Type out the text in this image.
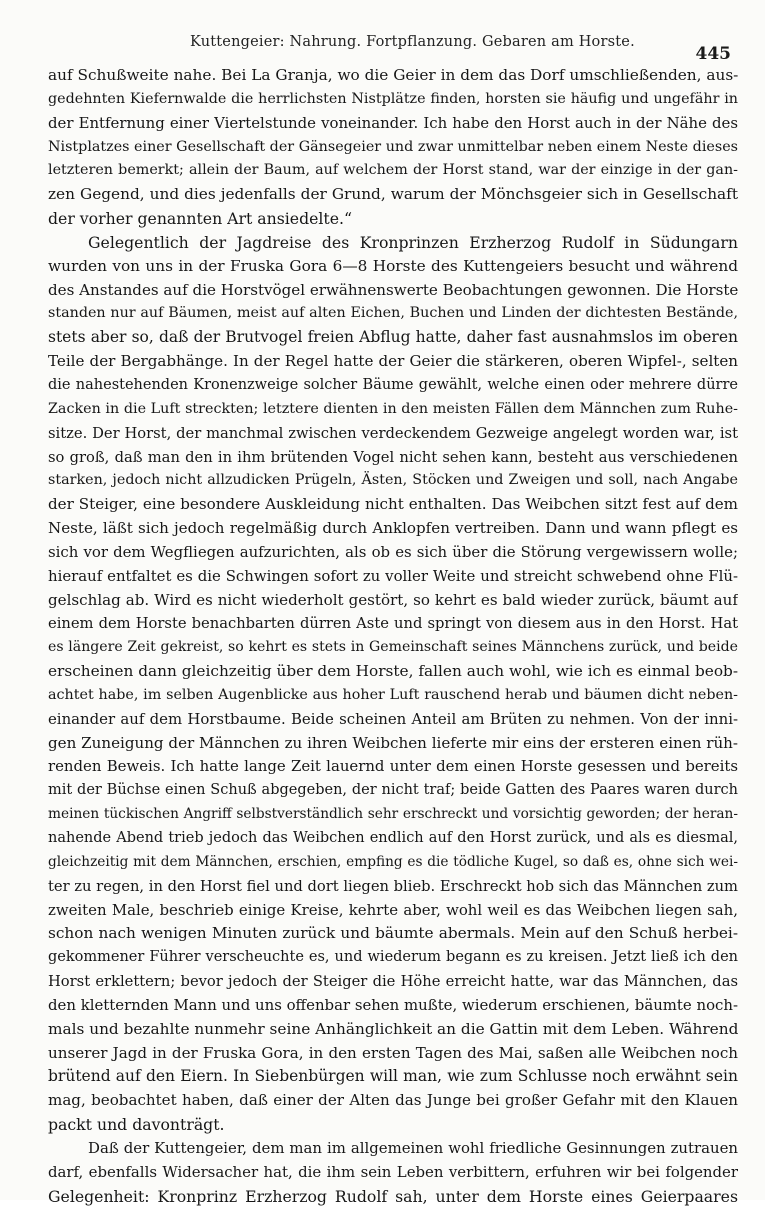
Kuttengeier: Nahrung. Fortpflanzung. Gebaren am Horste.
445
auf Schußweite nahe. Bei La Granja, wo die Geier in dem das Dorf umschließenden, aus-
gedehnten Kiefernwalde die herrlichsten Nistplätze finden, horsten sie häufig und ungefähr in
der Entfernung einer Viertelstunde voneinander. Ich habe den Horst auch in der Nähe des
Nistplatzes einer Gesellschaft der Gänsegeier und zwar unmittelbar neben einem Neste dieses
letzteren bemerkt; allein der Baum, auf welchem der Horst stand, war der einzige in der gan-
zen Gegend, und dies jedenfalls der Grund, warum der Mönchsgeier sich in Gesellschaft
der vorher genannten Art ansiedelte.“
Gelegentlich der Jagdreise des Kronprinzen Erzherzog Rudolf in Südungarn
wurden von uns in der Fruska Gora 6—8 Horste des Kuttengeiers besucht und während
des Anstandes auf die Horstvögel erwähnenswerte Beobachtungen gewonnen. Die Horste
standen nur auf Bäumen, meist auf alten Eichen, Buchen und Linden der dichtesten Bestände,
stets aber so, daß der Brutvogel freien Abflug hatte, daher fast ausnahmslos im oberen
Teile der Bergabhänge. In der Regel hatte der Geier die stärkeren, oberen Wipfel-, selten
die nahestehenden Kronenzweige solcher Bäume gewählt, welche einen oder mehrere dürre
Zacken in die Luft streckten; letztere dienten in den meisten Fällen dem Männchen zum Ruhe-
sitze. Der Horst, der manchmal zwischen verdeckendem Gezweige angelegt worden war, ist
so groß, daß man den in ihm brütenden Vogel nicht sehen kann, besteht aus verschiedenen
starken, jedoch nicht allzudicken Prügeln, Ästen, Stöcken und Zweigen und soll, nach Angabe
der Steiger, eine besondere Auskleidung nicht enthalten. Das Weibchen sitzt fest auf dem
Neste, läßt sich jedoch regelmäßig durch Anklopfen vertreiben. Dann und wann pflegt es
sich vor dem Wegfliegen aufzurichten, als ob es sich über die Störung vergewissern wolle;
hierauf entfaltet es die Schwingen sofort zu voller Weite und streicht schwebend ohne Flü-
gelschlag ab. Wird es nicht wiederholt gestört, so kehrt es bald wieder zurück, bäumt auf
einem dem Horste benachbarten dürren Aste und springt von diesem aus in den Horst. Hat
es längere Zeit gekreist, so kehrt es stets in Gemeinschaft seines Männchens zurück, und beide
erscheinen dann gleichzeitig über dem Horste, fallen auch wohl, wie ich es einmal beob-
achtet habe, im selben Augenblicke aus hoher Luft rauschend herab und bäumen dicht neben-
einander auf dem Horstbaume. Beide scheinen Anteil am Brüten zu nehmen. Von der inni-
gen Zuneigung der Männchen zu ihren Weibchen lieferte mir eins der ersteren einen rüh-
renden Beweis. Ich hatte lange Zeit lauernd unter dem einen Horste gesessen und bereits
mit der Büchse einen Schuß abgegeben, der nicht traf; beide Gatten des Paares waren durch
meinen tückischen Angriff selbstverständlich sehr erschreckt und vorsichtig geworden; der heran-
nahende Abend trieb jedoch das Weibchen endlich auf den Horst zurück, und als es diesmal,
gleichzeitig mit dem Männchen, erschien, empfing es die tödliche Kugel, so daß es, ohne sich wei-
ter zu regen, in den Horst fiel und dort liegen blieb. Erschreckt hob sich das Männchen zum
zweiten Male, beschrieb einige Kreise, kehrte aber, wohl weil es das Weibchen liegen sah,
schon nach wenigen Minuten zurück und bäumte abermals. Mein auf den Schuß herbei-
gekommener Führer verscheuchte es, und wiederum begann es zu kreisen. Jetzt ließ ich den
Horst erklettern; bevor jedoch der Steiger die Höhe erreicht hatte, war das Männchen, das
den kletternden Mann und uns offenbar sehen mußte, wiederum erschienen, bäumte noch-
mals und bezahlte nunmehr seine Anhänglichkeit an die Gattin mit dem Leben. Während
unserer Jagd in der Fruska Gora, in den ersten Tagen des Mai, saßen alle Weibchen noch
brütend auf den Eiern. In Siebenbürgen will man, wie zum Schlusse noch erwähnt sein
mag, beobachtet haben, daß einer der Alten das Junge bei großer Gefahr mit den Klauen
packt und davonträgt.
Daß der Kuttengeier, dem man im allgemeinen wohl friedliche Gesinnungen zutrauen
darf, ebenfalls Widersacher hat, die ihm sein Leben verbittern, erfuhren wir bei folgender
Gelegenheit: Kronprinz Erzherzog Rudolf sah, unter dem Horste eines Geierpaares
